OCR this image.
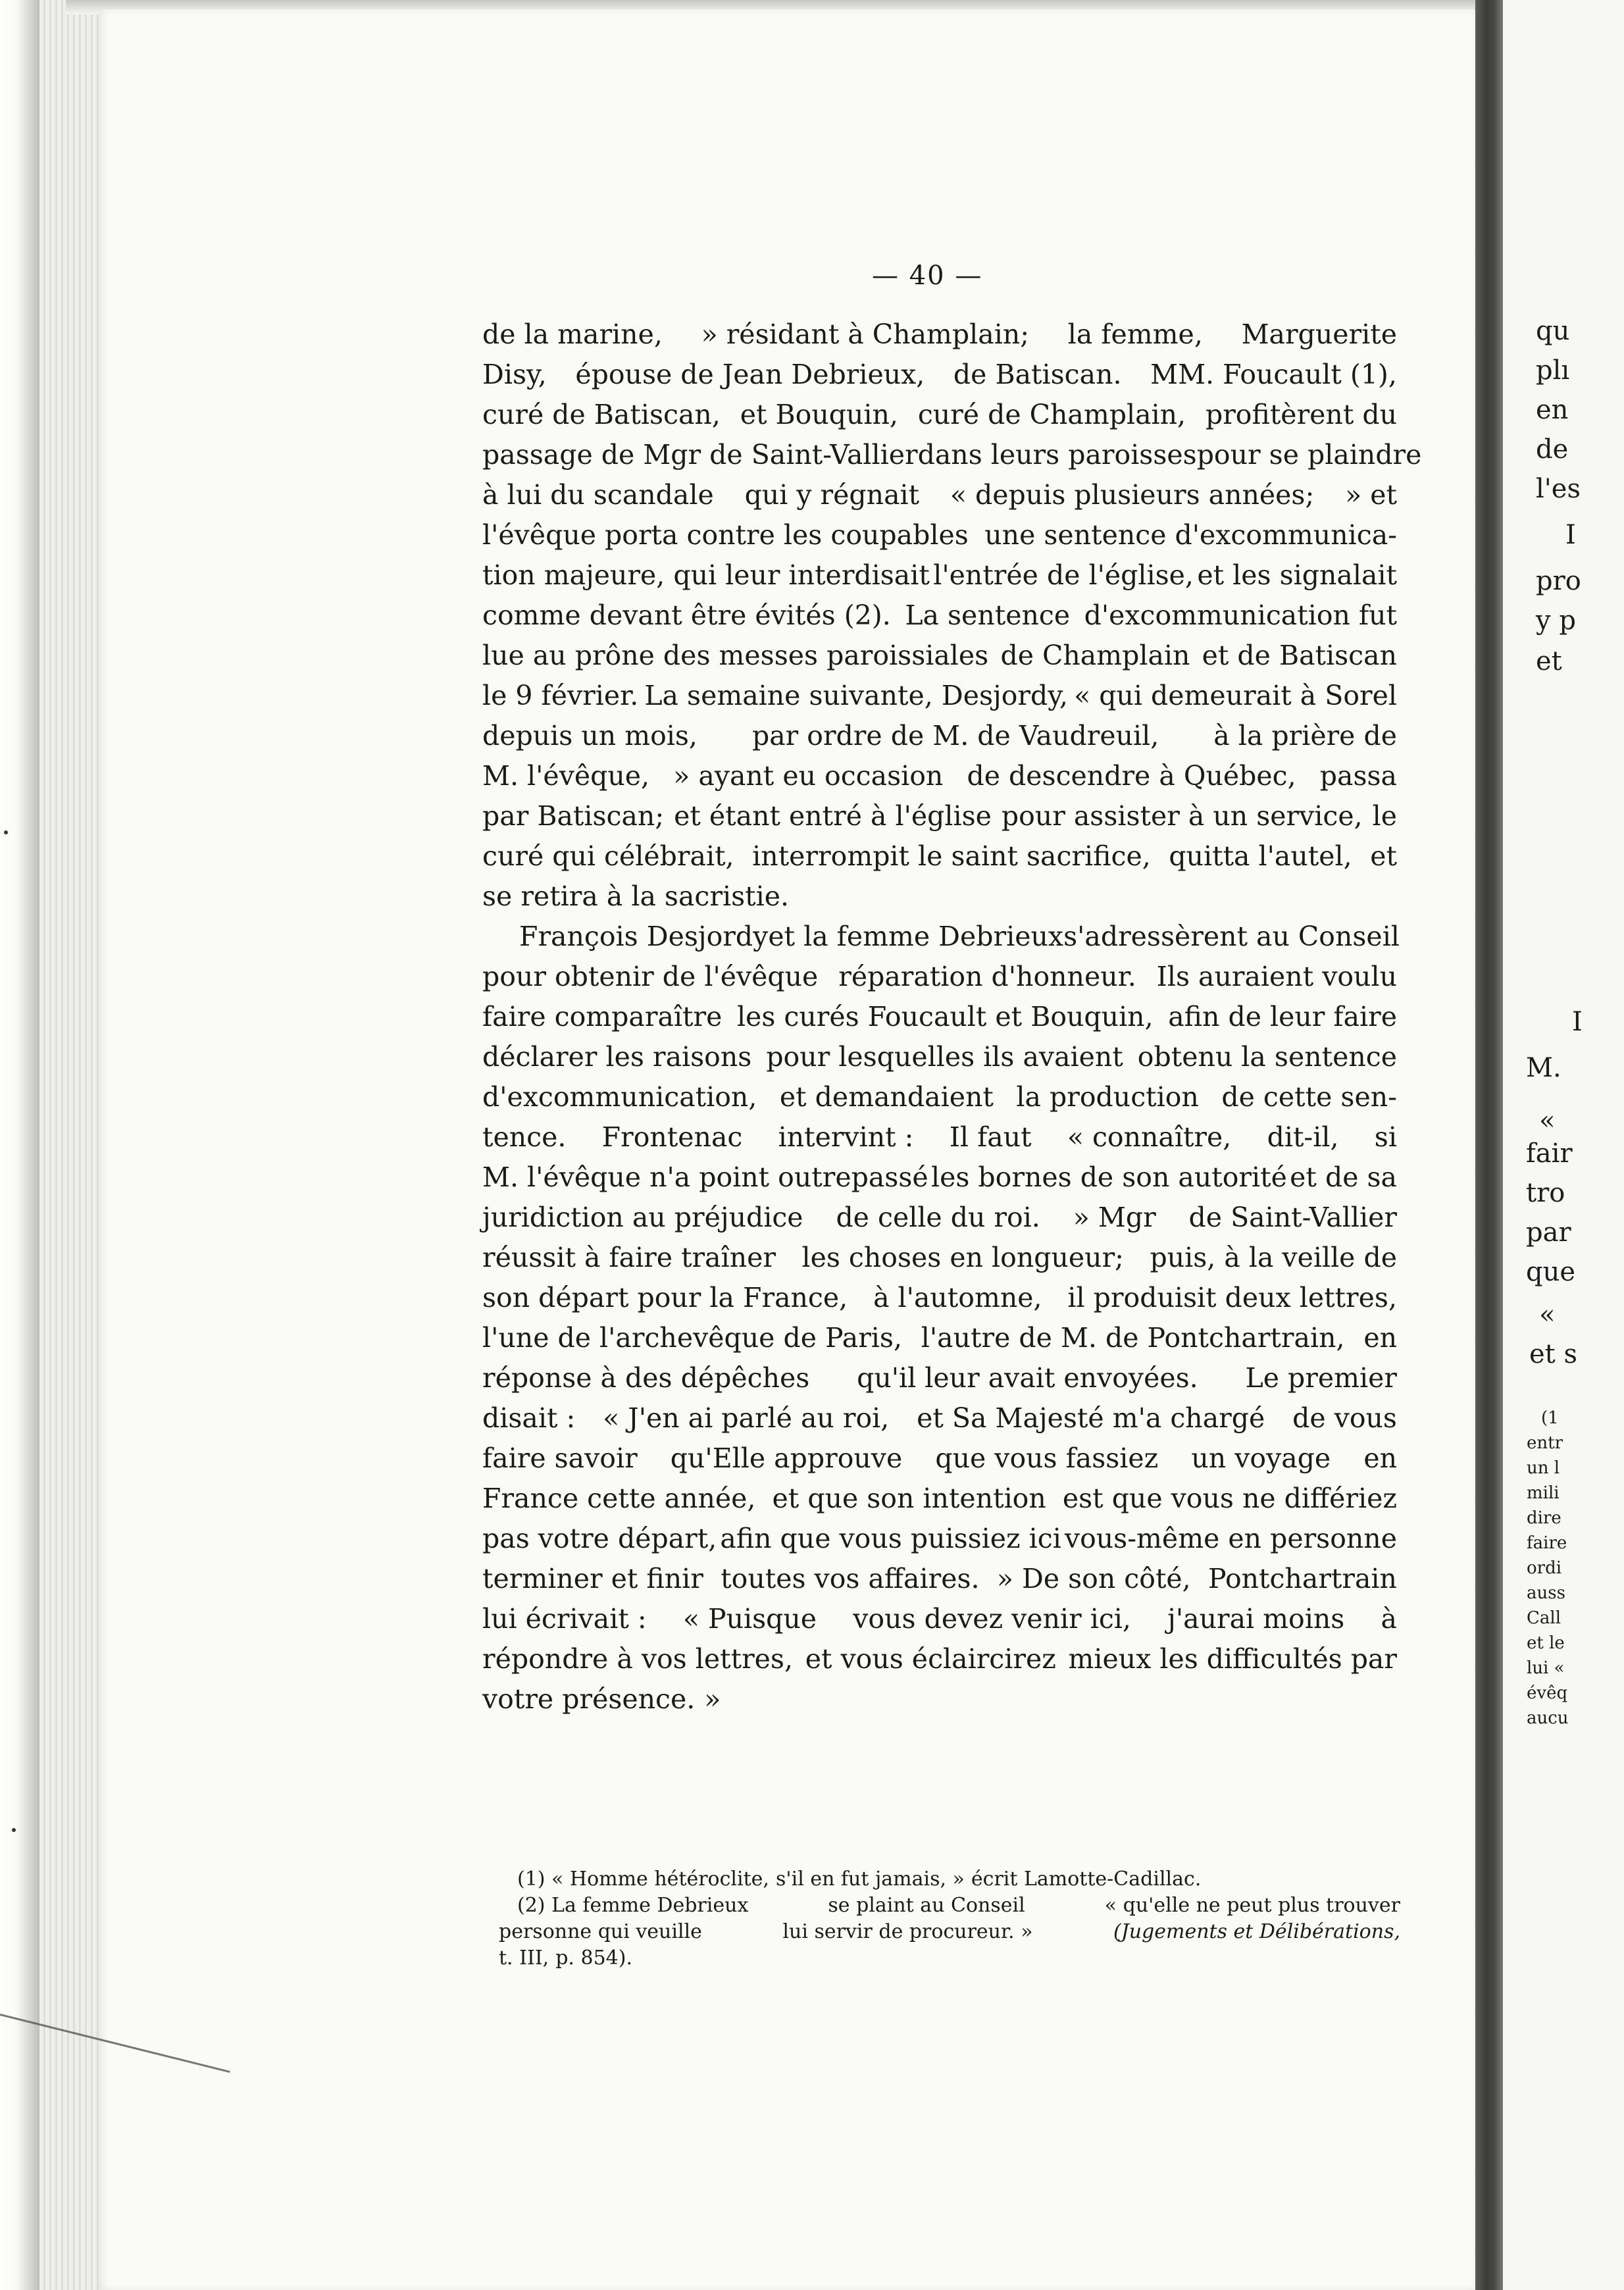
— 40 —
de la marine, » résidant à Champlain; la femme, Marguerite
Disy, épouse de Jean Debrieux, de Batiscan. MM. Foucault (1),
curé de Batiscan, et Bouquin, curé de Champlain, profitèrent du
passage de Mgr de Saint-Vallier dans leurs paroisses pour se plaindre
à lui du scandale qui y régnait « depuis plusieurs années; » et
l'évêque porta contre les coupables une sentence d'excommunica-
tion majeure, qui leur interdisait l'entrée de l'église, et les signalait
comme devant être évités (2). La sentence d'excommunication fut
lue au prône des messes paroissiales de Champlain et de Batiscan
le 9 février. La semaine suivante, Desjordy, « qui demeurait à Sorel
depuis un mois, par ordre de M. de Vaudreuil, à la prière de
M. l'évêque, » ayant eu occasion de descendre à Québec, passa
par Batiscan; et étant entré à l'église pour assister à un service, le
curé qui célébrait, interrompit le saint sacrifice, quitta l'autel, et
se retira à la sacristie.
François Desjordy et la femme Debrieux s'adressèrent au Conseil
pour obtenir de l'évêque réparation d'honneur. Ils auraient voulu
faire comparaître les curés Foucault et Bouquin, afin de leur faire
déclarer les raisons pour lesquelles ils avaient obtenu la sentence
d'excommunication, et demandaient la production de cette sen-
tence. Frontenac intervint : Il faut « connaître, dit-il, si
M. l'évêque n'a point outrepassé les bornes de son autorité et de sa
juridiction au préjudice de celle du roi. » Mgr de Saint-Vallier
réussit à faire traîner les choses en longueur; puis, à la veille de
son départ pour la France, à l'automne, il produisit deux lettres,
l'une de l'archevêque de Paris, l'autre de M. de Pontchartrain, en
réponse à des dépêches qu'il leur avait envoyées. Le premier
disait : « J'en ai parlé au roi, et Sa Majesté m'a chargé de vous
faire savoir qu'Elle approuve que vous fassiez un voyage en
France cette année, et que son intention est que vous ne différiez
pas votre départ, afin que vous puissiez ici vous-même en personne
terminer et finir toutes vos affaires. » De son côté, Pontchartrain
lui écrivait : « Puisque vous devez venir ici, j'aurai moins à
répondre à vos lettres, et vous éclaircirez mieux les difficultés par
votre présence. »
(1) « Homme hétéroclite, s'il en fut jamais, » écrit Lamotte-Cadillac.
(2) La femme Debrieux	se plaint au Conseil	« qu'elle ne peut plus trouver
personne qui veuille	lui servir de procureur. »	(Jugements et Délibérations,
t. III, p. 854).
qu
plı
en
de
l'es
I
pro
y p
et
I
M.
«
fair
tro
par
que
«
et s
(1
entr
un l
mili
dire
faire
ordi
auss
Call
et le
lui «
évêq
aucu
